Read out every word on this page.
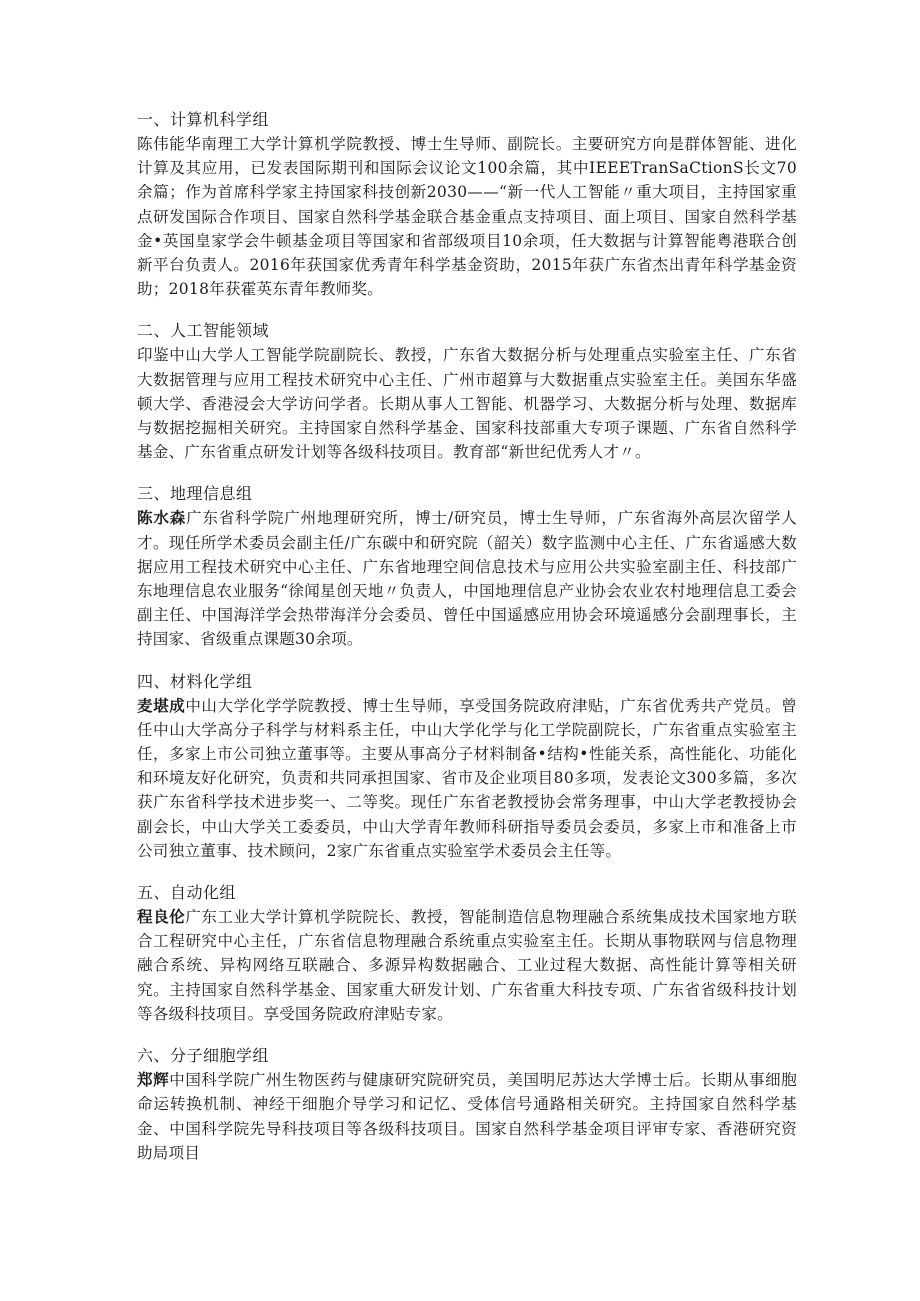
一、计算机科学组

陈伟能华南理工大学计算机学院教授、博士生导师、副院长。主要研究方向是群体智能、进化计算及其应用，已发表国际期刊和国际会议论文100余篇，其中IEEETranSaCtionS长文70余篇；作为首席科学家主持国家科技创新2030——“新一代人工智能〃重大项目，主持国家重点研发国际合作项目、国家自然科学基金联合基金重点支持项目、面上项目、国家自然科学基金•英国皇家学会牛顿基金项目等国家和省部级项目10余项，任大数据与计算智能粤港联合创新平台负责人。2016年获国家优秀青年科学基金资助，2015年获广东省杰出青年科学基金资助；2018年获霍英东青年教师奖。

二、人工智能领域

印鉴中山大学人工智能学院副院长、教授，广东省大数据分析与处理重点实验室主任、广东省大数据管理与应用工程技术研究中心主任、广州市超算与大数据重点实验室主任。美国东华盛顿大学、香港浸会大学访问学者。长期从事人工智能、机器学习、大数据分析与处理、数据库与数据挖掘相关研究。主持国家自然科学基金、国家科技部重大专项子课题、广东省自然科学基金、广东省重点研发计划等各级科技项目。教育部“新世纪优秀人才〃。

三、地理信息组

陈水森广东省科学院广州地理研究所，博士/研究员，博士生导师，广东省海外高层次留学人才。现任所学术委员会副主任/广东碳中和研究院（韶关）数字监测中心主任、广东省遥感大数据应用工程技术研究中心主任、广东省地理空间信息技术与应用公共实验室副主任、科技部广东地理信息农业服务“徐闻星创天地〃负责人，中国地理信息产业协会农业农村地理信息工委会副主任、中国海洋学会热带海洋分会委员、曾任中国遥感应用协会环境遥感分会副理事长，主持国家、省级重点课题30余项。

四、材料化学组

麦堪成中山大学化学学院教授、博士生导师，享受国务院政府津贴，广东省优秀共产党员。曾任中山大学高分子科学与材料系主任，中山大学化学与化工学院副院长，广东省重点实验室主任，多家上市公司独立董事等。主要从事高分子材料制备•结构•性能关系，高性能化、功能化和环境友好化研究，负责和共同承担国家、省市及企业项目80多项，发表论文300多篇，多次获广东省科学技术进步奖一、二等奖。现任广东省老教授协会常务理事，中山大学老教授协会副会长，中山大学关工委委员，中山大学青年教师科研指导委员会委员，多家上市和准备上市公司独立董事、技术顾问，2家广东省重点实验室学术委员会主任等。

五、自动化组

程良伦广东工业大学计算机学院院长、教授，智能制造信息物理融合系统集成技术国家地方联合工程研究中心主任，广东省信息物理融合系统重点实验室主任。长期从事物联网与信息物理融合系统、异构网络互联融合、多源异构数据融合、工业过程大数据、高性能计算等相关研究。主持国家自然科学基金、国家重大研发计划、广东省重大科技专项、广东省省级科技计划等各级科技项目。享受国务院政府津贴专家。

六、分子细胞学组

郑辉中国科学院广州生物医药与健康研究院研究员，美国明尼苏达大学博士后。长期从事细胞命运转换机制、神经干细胞介导学习和记忆、受体信号通路相关研究。主持国家自然科学基金、中国科学院先导科技项目等各级科技项目。国家自然科学基金项目评审专家、香港研究资助局项目
